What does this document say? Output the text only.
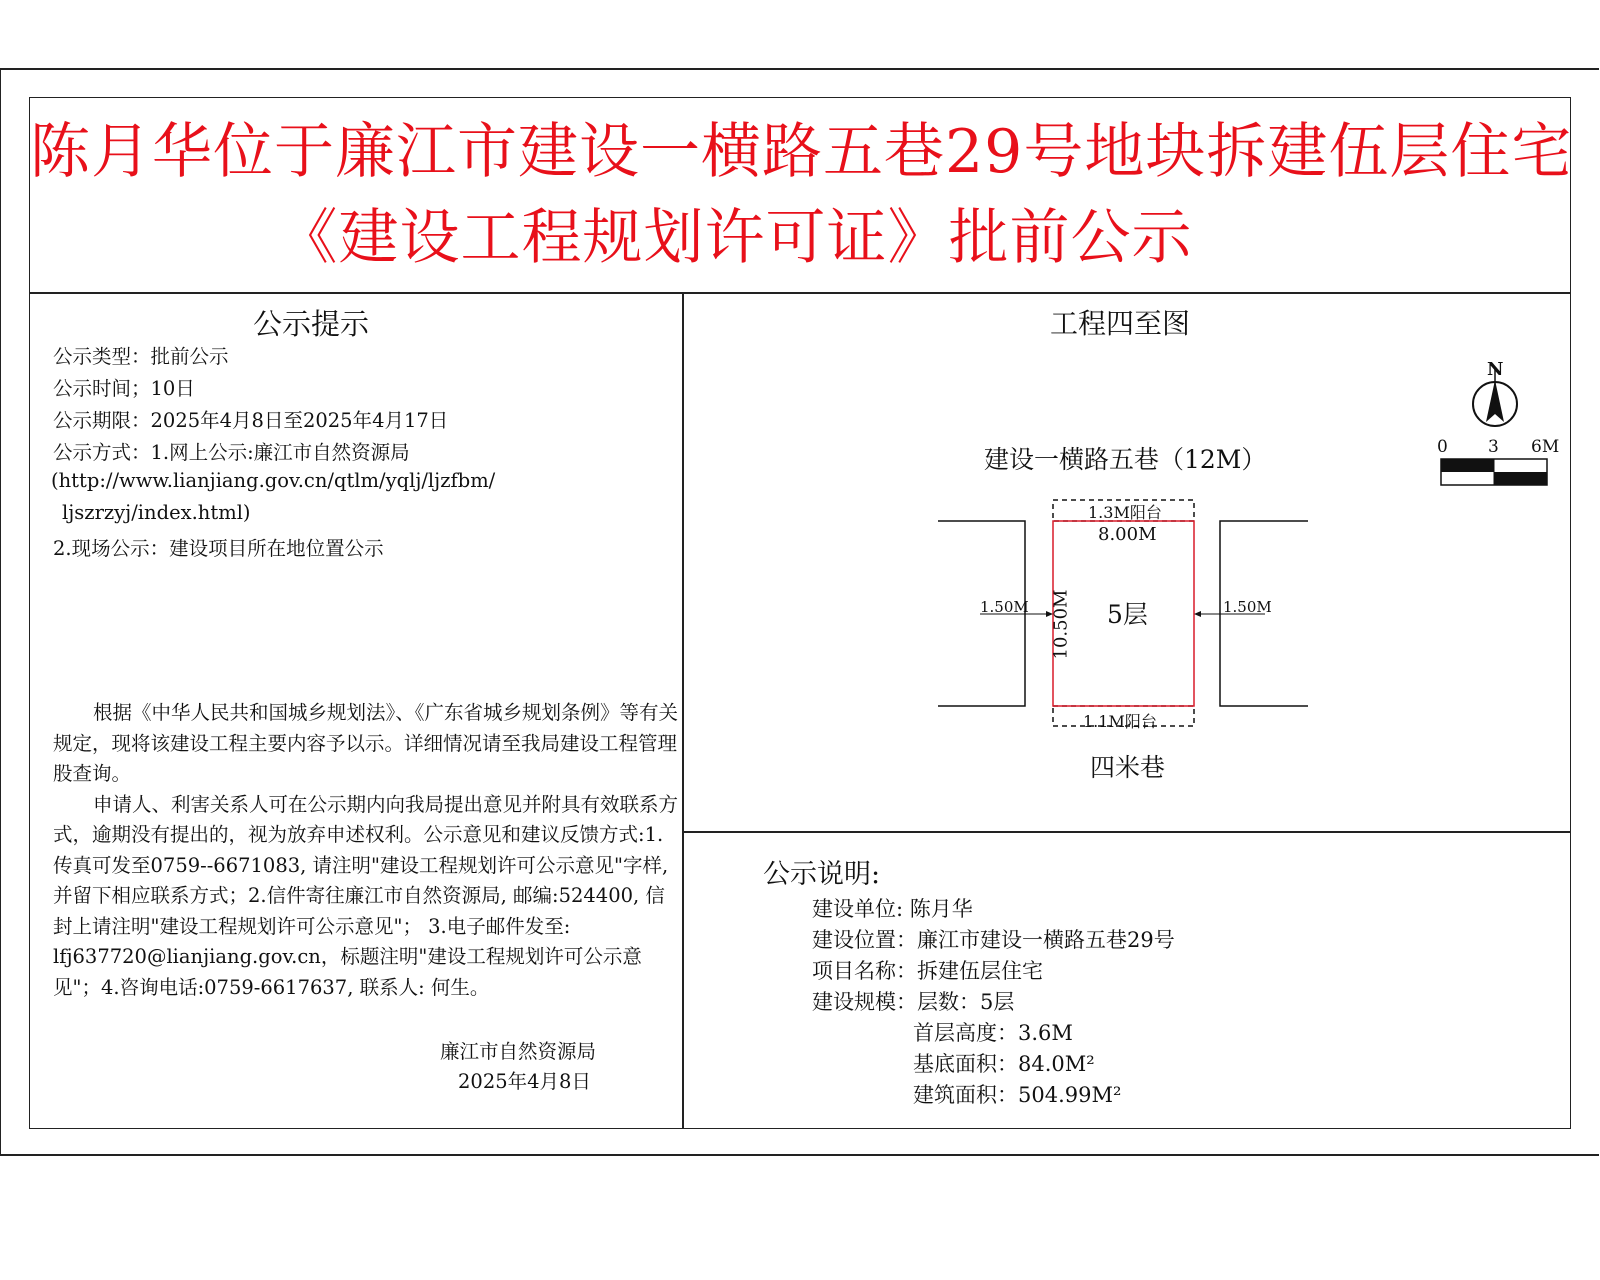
陈月华位于廉江市建设一横路五巷29号地块拆建伍层住宅
《建设工程规划许可证》批前公示
公示提示
公示类型：批前公示
公示时间；10日
公示期限：2025年4月8日至2025年4月17日
公示方式：1.网上公示:廉江市自然资源局
(http://www.lianjiang.gov.cn/qtlm/yqlj/ljzfbm/
ljszrzyj/index.html)
2.现场公示：建设项目所在地位置公示

根据《中华人民共和国城乡规划法》、《广东省城乡规划条例》等有关规定，现将该建设工程主要内容予以示。详细情况请至我局建设工程管理股查询。

申请人、利害关系人可在公示期内向我局提出意见并附具有效联系方式，逾期没有提出的，视为放弃申述权利。公示意见和建议反馈方式:1.传真可发至0759--6671083, 请注明"建设工程规划许可公示意见"字样, 并留下相应联系方式；2.信件寄往廉江市自然资源局, 邮编:524400, 信封上请注明"建设工程规划许可公示意见"； 3.电子邮件发至:

lfj637720@lianjiang.gov.cn，标题注明"建设工程规划许可公示意见"；4.咨询电话:0759-6617637, 联系人: 何生。

廉江市自然资源局
2025年4月8日
工程四至图
N
0 3 6M
建设一横路五巷（12M）
四米巷
1.3M阳台
8.00M
10.50M 5层
1.50M	1.50M
1.1M阳台
公示说明:
建设单位: 陈月华
建设位置：廉江市建设一横路五巷29号
项目名称：拆建伍层住宅
建设规模：层数：5层
首层高度：3.6M
基底面积：84.0M²
建筑面积：504.99M²
